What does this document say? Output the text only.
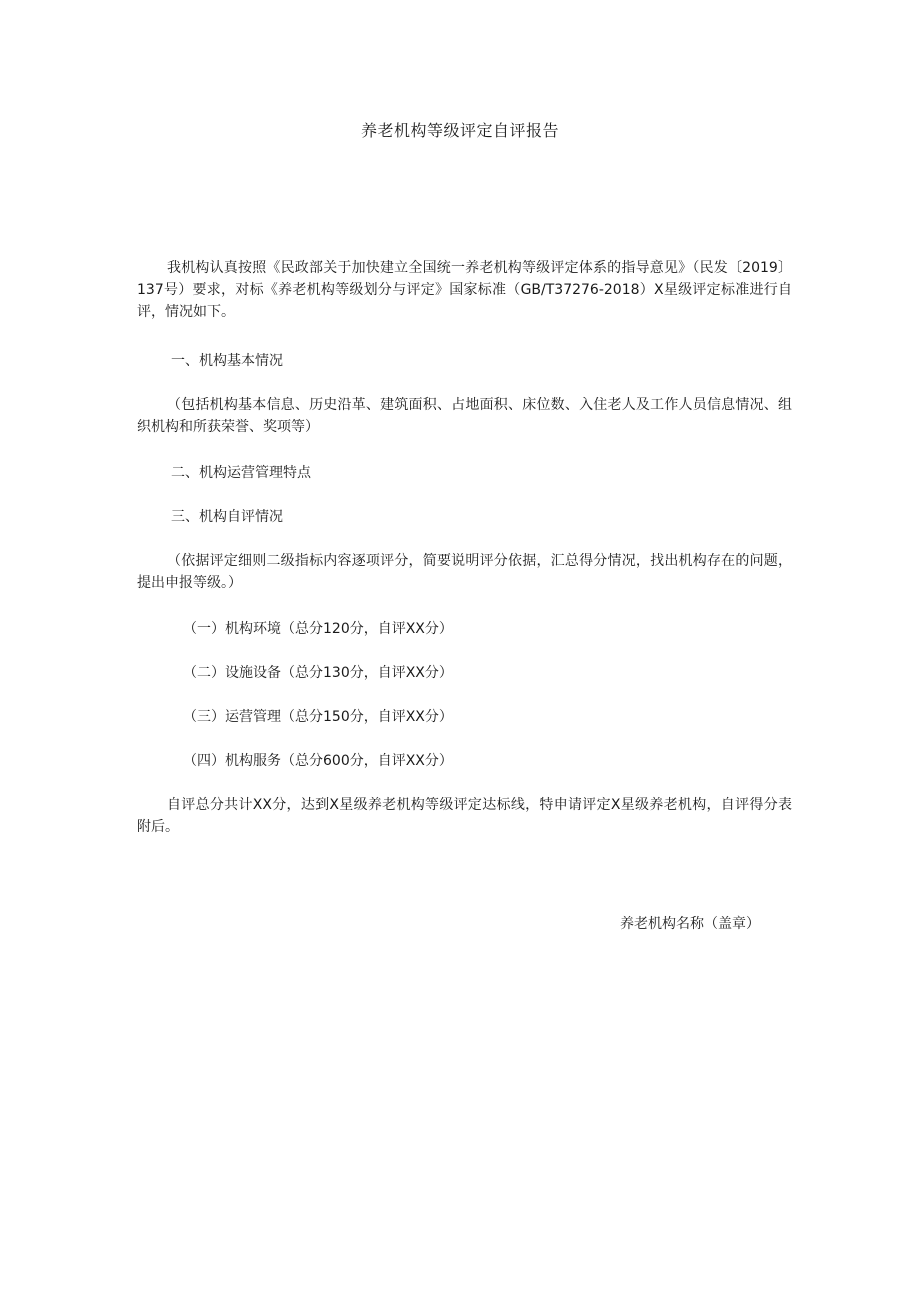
养老机构等级评定自评报告

我机构认真按照《民政部关于加快建立全国统一养老机构等级评定体系的指导意见》（民发〔2019〕137号）要求，对标《养老机构等级划分与评定》国家标准（GB/T37276-2018）X星级评定标准进行自评，情况如下。

一、机构基本情况

（包括机构基本信息、历史沿革、建筑面积、占地面积、床位数、入住老人及工作人员信息情况、组织机构和所获荣誉、奖项等）

二、机构运营管理特点

三、机构自评情况

（依据评定细则二级指标内容逐项评分，简要说明评分依据，汇总得分情况，找出机构存在的问题，提出申报等级。）

（一）机构环境（总分120分，自评XX分）

（二）设施设备（总分130分，自评XX分）

（三）运营管理（总分150分，自评XX分）

（四）机构服务（总分600分，自评XX分）

自评总分共计XX分，达到X星级养老机构等级评定达标线，特申请评定X星级养老机构，自评得分表附后。

养老机构名称（盖章）
